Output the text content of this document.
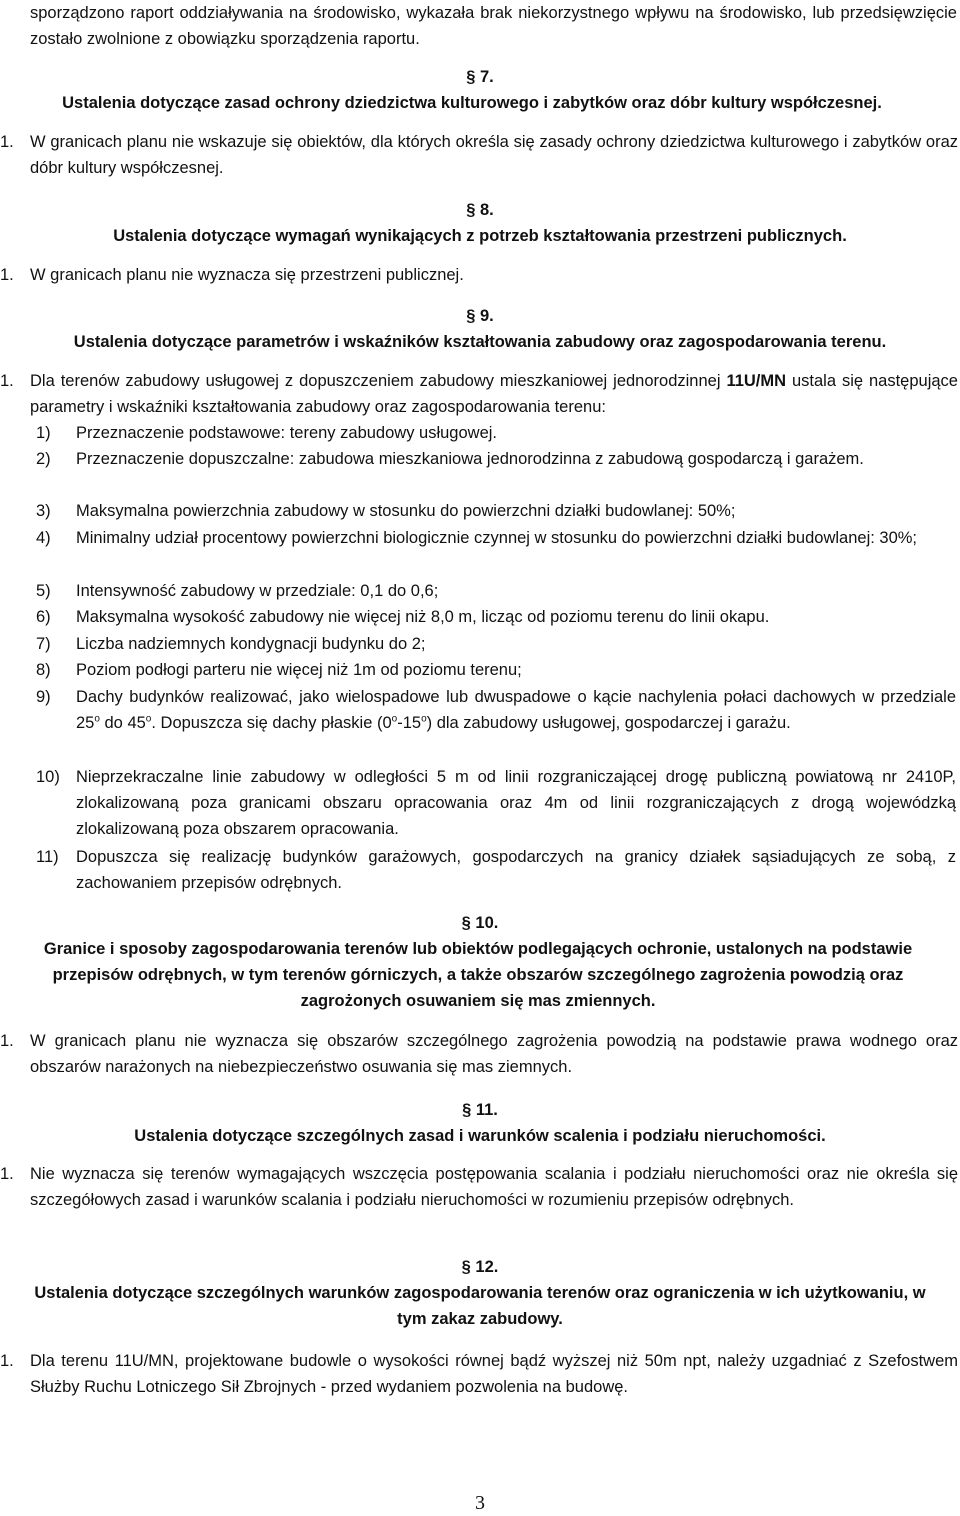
sporządzono raport oddziaływania na środowisko, wykazała brak niekorzystnego wpływu na środowisko, lub przedsięwzięcie zostało zwolnione z obowiązku sporządzenia raportu.
§ 7.
Ustalenia dotyczące zasad ochrony dziedzictwa kulturowego i zabytków oraz dóbr kultury współczesnej.
1. W granicach planu nie wskazuje się obiektów, dla których określa się zasady ochrony dziedzictwa kulturowego i zabytków oraz dóbr kultury współczesnej.
§ 8.
Ustalenia dotyczące wymagań wynikających z potrzeb kształtowania przestrzeni publicznych.
1. W granicach planu nie wyznacza się przestrzeni publicznej.
§ 9.
Ustalenia dotyczące parametrów i wskaźników kształtowania zabudowy oraz zagospodarowania terenu.
1. Dla terenów zabudowy usługowej z dopuszczeniem zabudowy mieszkaniowej jednorodzinnej 11U/MN ustala się następujące parametry i wskaźniki kształtowania zabudowy oraz zagospodarowania terenu:
1)	Przeznaczenie podstawowe: tereny zabudowy usługowej.
2)	Przeznaczenie dopuszczalne: zabudowa mieszkaniowa jednorodzinna z zabudową gospodarczą i garażem.
3)	Maksymalna powierzchnia zabudowy w stosunku do powierzchni działki budowlanej: 50%;
4)	Minimalny udział procentowy powierzchni biologicznie czynnej w stosunku do powierzchni działki budowlanej: 30%;
5)	Intensywność zabudowy w przedziale: 0,1 do 0,6;
6)	Maksymalna wysokość zabudowy nie więcej niż 8,0 m, licząc od poziomu terenu do linii okapu.
7)	Liczba nadziemnych kondygnacji budynku do 2;
8)	Poziom podłogi parteru nie więcej niż 1m od poziomu terenu;
9)	Dachy budynków realizować, jako wielospadowe lub dwuspadowe o kącie nachylenia połaci dachowych w przedziale 25$^o$ do 45$^o$. Dopuszcza się dachy płaskie (0$^o$-15$^o$) dla zabudowy usługowej, gospodarczej i garażu.
10) Nieprzekraczalne linie zabudowy w odległości 5 m od linii rozgraniczającej drogę publiczną powiatową nr 2410P, zlokalizowaną poza granicami obszaru opracowania oraz 4m od linii rozgraniczających z drogą wojewódzką zlokalizowaną poza obszarem opracowania.
11)	Dopuszcza się realizację budynków garażowych, gospodarczych na granicy działek sąsiadujących ze sobą, z zachowaniem przepisów odrębnych.
§ 10.
Granice i sposoby zagospodarowania terenów lub obiektów podlegających ochronie, ustalonych na podstawie przepisów odrębnych, w tym terenów górniczych, a także obszarów szczególnego zagrożenia powodzią oraz zagrożonych osuwaniem się mas zmiennych.
1. W granicach planu nie wyznacza się obszarów szczególnego zagrożenia powodzią na podstawie prawa wodnego oraz obszarów narażonych na niebezpieczeństwo osuwania się mas ziemnych.
§ 11.
Ustalenia dotyczące szczególnych zasad i warunków scalenia i podziału nieruchomości.
1. Nie wyznacza się terenów wymagających wszczęcia postępowania scalania i podziału nieruchomości oraz nie określa się szczegółowych zasad i warunków scalania i podziału nieruchomości w rozumieniu przepisów odrębnych.
§ 12.
Ustalenia dotyczące szczególnych warunków zagospodarowania terenów oraz ograniczenia w ich użytkowaniu, w tym zakaz zabudowy.
1. Dla terenu 11U/MN, projektowane budowle o wysokości równej bądź wyższej niż 50m npt, należy uzgadniać z Szefostwem Służby Ruchu Lotniczego Sił Zbrojnych - przed wydaniem pozwolenia na budowę.
3
